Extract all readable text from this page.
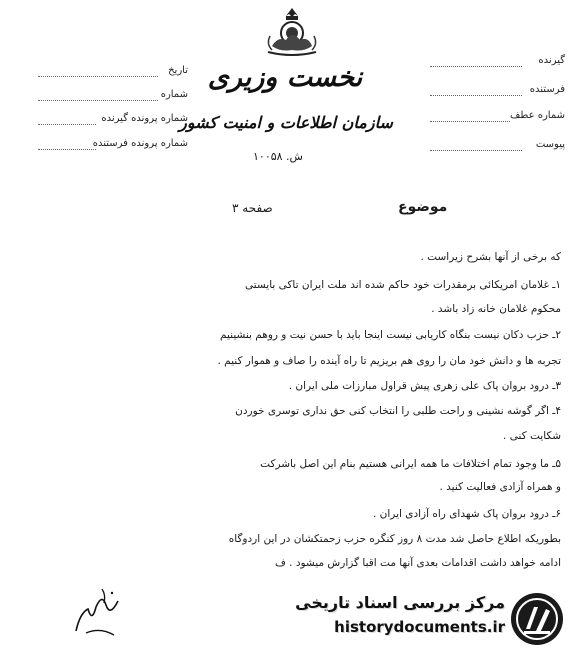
نخست وزیری
سازمان اطلاعات و امنیت کشور
ش. ۱۰۰۵۸
تاریخ
شماره
شماره پرونده گیرنده
شماره پرونده فرستنده
گیرنده
فرستنده
شماره عطف
پیوست
موضوع
صفحه ۳
که برخی از آنها بشرح زیراست .
۱ـ غلامان امریکائی برمقدرات خود حاکم شده اند ملت ایران تاکی بایستی
محکوم غلامان خانه زاد باشد .
۲ـ حزب دکان نیست بنگاه کاریابی نیست اینجا باید با حسن نیت و روهم بنشینیم
تجربه ها و دانش خود مان را روی هم بریزیم تا راه آینده را صاف و هموار کنیم .
۳ـ درود بروان پاک علی زهری پیش قراول مبارزات ملی ایران .
۴ـ اگر گوشه نشینی و راحت طلبی را انتخاب کنی حق نداری توسری خوردن
شکایت کنی .
۵ـ ما وجود تمام اختلافات ما همه ایرانی هستیم بنام این اصل باشرکت
و همراه آزادی فعالیت کنید .
۶ـ درود بروان پاک شهدای راه آزادی ایران .
بطوریکه اطلاع حاصل شد مدت ۸ روز کنگره حزب زحمتکشان در این اردوگاه
ادامه خواهد داشت اقدامات بعدی آنها مت اقبا گزارش میشود . ف
مرکز بررسی اسناد تاریخی
historydocuments.ir
